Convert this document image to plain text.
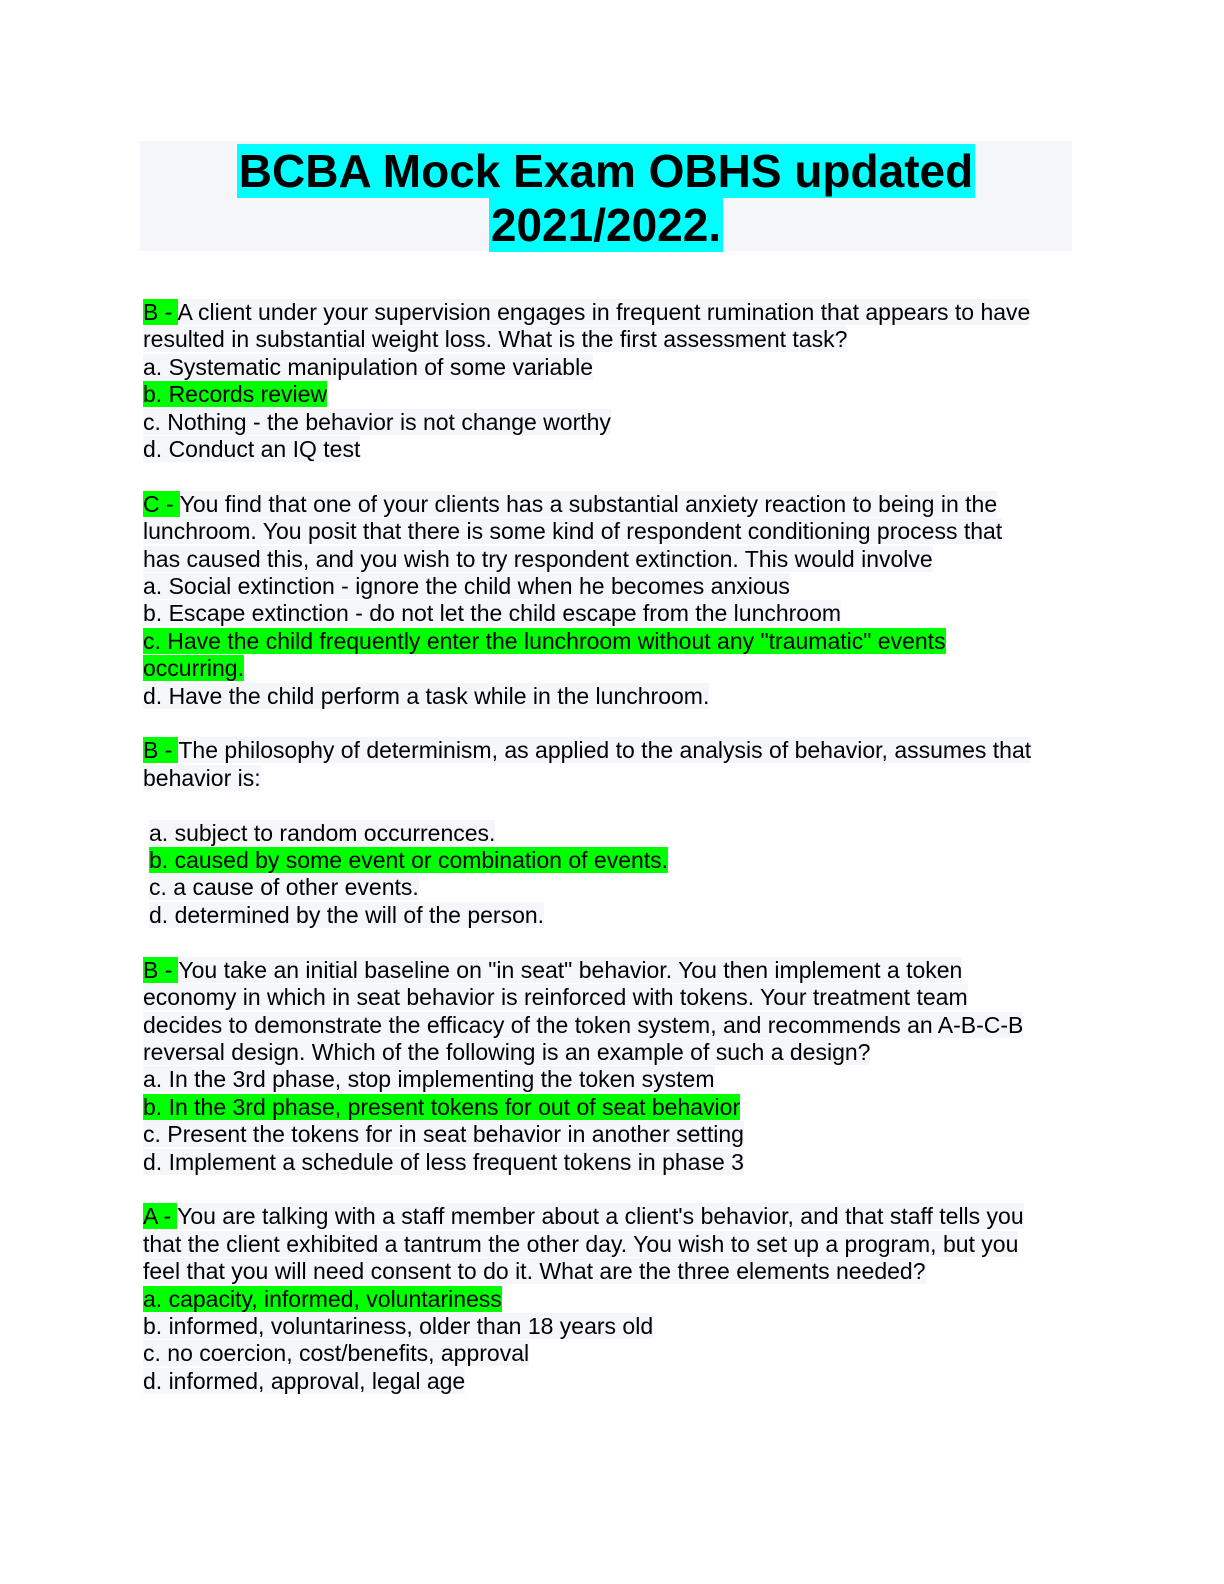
BCBA Mock Exam OBHS updated
2021/2022.
B - A client under your supervision engages in frequent rumination that appears to have
resulted in substantial weight loss. What is the first assessment task?
a. Systematic manipulation of some variable
b. Records review
c. Nothing - the behavior is not change worthy
d. Conduct an IQ test
C - You find that one of your clients has a substantial anxiety reaction to being in the
lunchroom. You posit that there is some kind of respondent conditioning process that
has caused this, and you wish to try respondent extinction. This would involve
a. Social extinction - ignore the child when he becomes anxious
b. Escape extinction - do not let the child escape from the lunchroom
c. Have the child frequently enter the lunchroom without any "traumatic" events
occurring.
d. Have the child perform a task while in the lunchroom.
B - The philosophy of determinism, as applied to the analysis of behavior, assumes that
behavior is:
a. subject to random occurrences.
b. caused by some event or combination of events.
c. a cause of other events.
d. determined by the will of the person.
B - You take an initial baseline on "in seat" behavior. You then implement a token
economy in which in seat behavior is reinforced with tokens. Your treatment team
decides to demonstrate the efficacy of the token system, and recommends an A-B-C-B
reversal design. Which of the following is an example of such a design?
a. In the 3rd phase, stop implementing the token system
b. In the 3rd phase, present tokens for out of seat behavior
c. Present the tokens for in seat behavior in another setting
d. Implement a schedule of less frequent tokens in phase 3
A - You are talking with a staff member about a client's behavior, and that staff tells you
that the client exhibited a tantrum the other day. You wish to set up a program, but you
feel that you will need consent to do it. What are the three elements needed?
a. capacity, informed, voluntariness
b. informed, voluntariness, older than 18 years old
c. no coercion, cost/benefits, approval
d. informed, approval, legal age
